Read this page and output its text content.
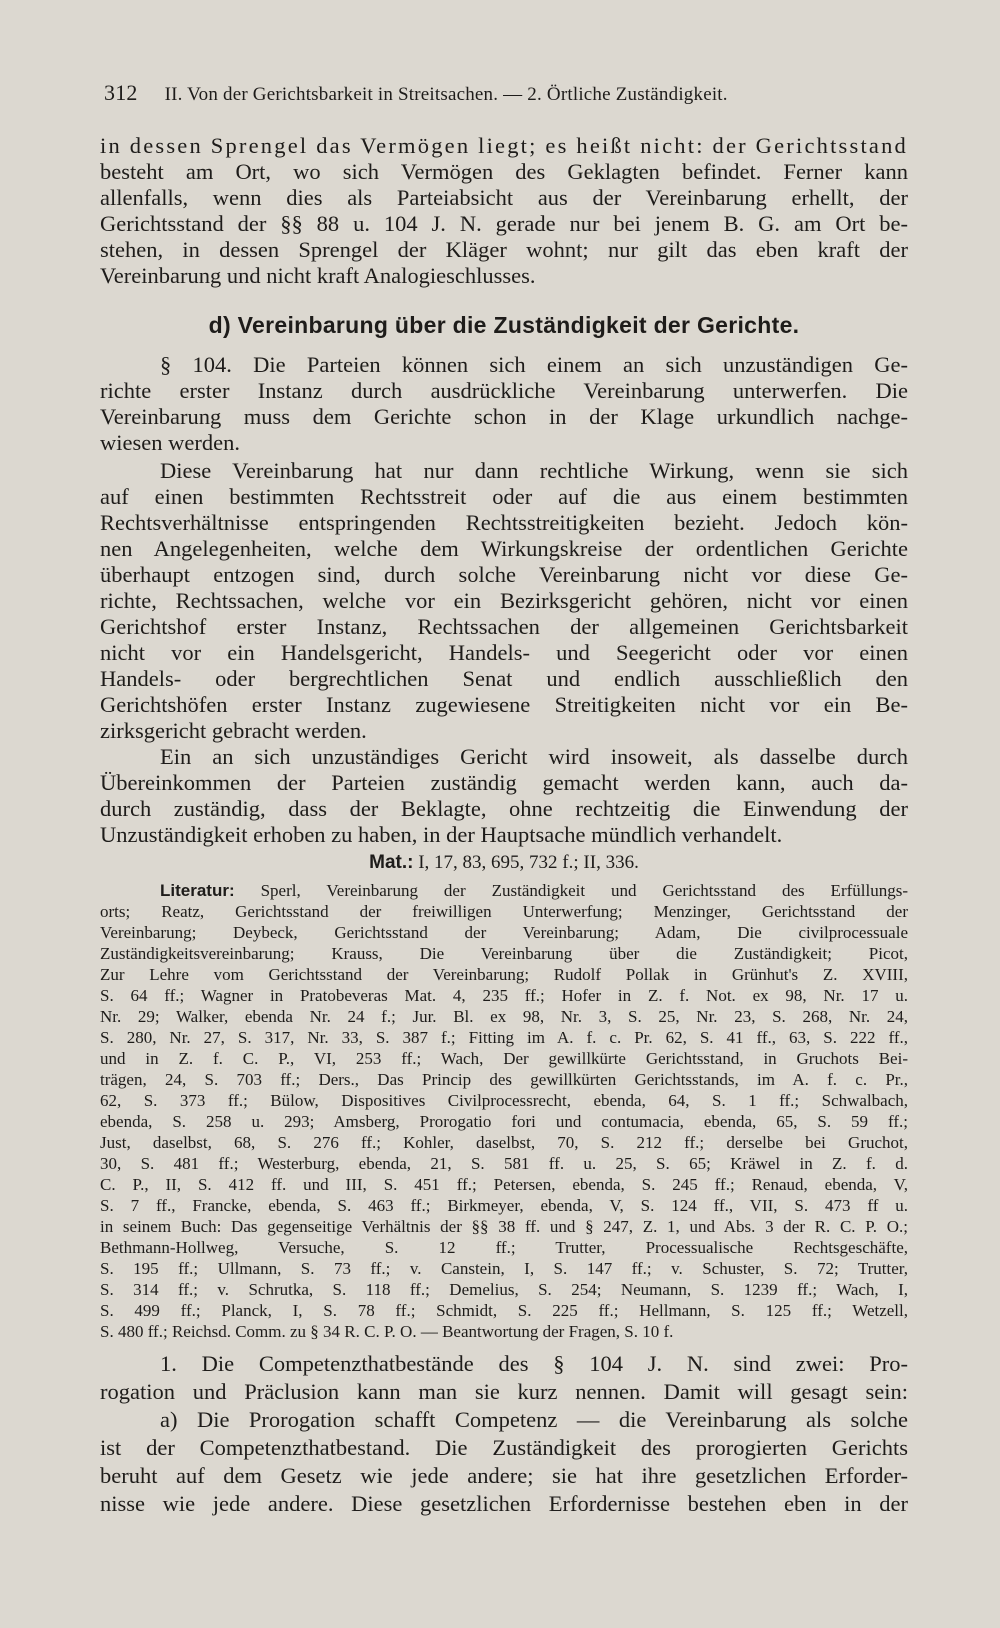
312 II. Von der Gerichtsbarkeit in Streitsachen. — 2. Örtliche Zuständigkeit.
in dessen Sprengel das Vermögen liegt; es heißt nicht: der Gerichtsstand
besteht am Ort, wo sich Vermögen des Geklagten befindet. Ferner kann
allenfalls, wenn dies als Parteiabsicht aus der Vereinbarung erhellt, der
Gerichtsstand der §§ 88 u. 104 J. N. gerade nur bei jenem B. G. am Ort be-
stehen, in dessen Sprengel der Kläger wohnt; nur gilt das eben kraft der
Vereinbarung und nicht kraft Analogieschlusses.
d) Vereinbarung über die Zuständigkeit der Gerichte.
§ 104. Die Parteien können sich einem an sich unzuständigen Ge-
richte erster Instanz durch ausdrückliche Vereinbarung unterwerfen. Die
Vereinbarung muss dem Gerichte schon in der Klage urkundlich nachge-
wiesen werden.
Diese Vereinbarung hat nur dann rechtliche Wirkung, wenn sie sich
auf einen bestimmten Rechtsstreit oder auf die aus einem bestimmten
Rechtsverhältnisse entspringenden Rechtsstreitigkeiten bezieht. Jedoch kön-
nen Angelegenheiten, welche dem Wirkungskreise der ordentlichen Gerichte
überhaupt entzogen sind, durch solche Vereinbarung nicht vor diese Ge-
richte, Rechtssachen, welche vor ein Bezirksgericht gehören, nicht vor einen
Gerichtshof erster Instanz, Rechtssachen der allgemeinen Gerichtsbarkeit
nicht vor ein Handelsgericht, Handels- und Seegericht oder vor einen
Handels- oder bergrechtlichen Senat und endlich ausschließlich den
Gerichtshöfen erster Instanz zugewiesene Streitigkeiten nicht vor ein Be-
zirksgericht gebracht werden.
Ein an sich unzuständiges Gericht wird insoweit, als dasselbe durch
Übereinkommen der Parteien zuständig gemacht werden kann, auch da-
durch zuständig, dass der Beklagte, ohne rechtzeitig die Einwendung der
Unzuständigkeit erhoben zu haben, in der Hauptsache mündlich verhandelt.
Mat.: I, 17, 83, 695, 732 f.; II, 336.
Literatur: Sperl, Vereinbarung der Zuständigkeit und Gerichtsstand des Erfüllungs-
orts; Reatz, Gerichtsstand der freiwilligen Unterwerfung; Menzinger, Gerichtsstand der
Vereinbarung; Deybeck, Gerichtsstand der Vereinbarung; Adam, Die civilprocessuale
Zuständigkeitsvereinbarung; Krauss, Die Vereinbarung über die Zuständigkeit; Picot,
Zur Lehre vom Gerichtsstand der Vereinbarung; Rudolf Pollak in Grünhut's Z. XVIII,
S. 64 ff.; Wagner in Pratobeveras Mat. 4, 235 ff.; Hofer in Z. f. Not. ex 98, Nr. 17 u.
Nr. 29; Walker, ebenda Nr. 24 f.; Jur. Bl. ex 98, Nr. 3, S. 25, Nr. 23, S. 268, Nr. 24,
S. 280, Nr. 27, S. 317, Nr. 33, S. 387 f.; Fitting im A. f. c. Pr. 62, S. 41 ff., 63, S. 222 ff.,
und in Z. f. C. P., VI, 253 ff.; Wach, Der gewillkürte Gerichtsstand, in Gruchots Bei-
trägen, 24, S. 703 ff.; Ders., Das Princip des gewillkürten Gerichtsstands, im A. f. c. Pr.,
62, S. 373 ff.; Bülow, Dispositives Civilprocessrecht, ebenda, 64, S. 1 ff.; Schwalbach,
ebenda, S. 258 u. 293; Amsberg, Prorogatio fori und contumacia, ebenda, 65, S. 59 ff.;
Just, daselbst, 68, S. 276 ff.; Kohler, daselbst, 70, S. 212 ff.; derselbe bei Gruchot,
30, S. 481 ff.; Westerburg, ebenda, 21, S. 581 ff. u. 25, S. 65; Kräwel in Z. f. d.
C. P., II, S. 412 ff. und III, S. 451 ff.; Petersen, ebenda, S. 245 ff.; Renaud, ebenda, V,
S. 7 ff., Francke, ebenda, S. 463 ff.; Birkmeyer, ebenda, V, S. 124 ff., VII, S. 473 ff u.
in seinem Buch: Das gegenseitige Verhältnis der §§ 38 ff. und § 247, Z. 1, und Abs. 3 der R. C. P. O.;
Bethmann-Hollweg, Versuche, S. 12 ff.; Trutter, Processualische Rechtsgeschäfte,
S. 195 ff.; Ullmann, S. 73 ff.; v. Canstein, I, S. 147 ff.; v. Schuster, S. 72; Trutter,
S. 314 ff.; v. Schrutka, S. 118 ff.; Demelius, S. 254; Neumann, S. 1239 ff.; Wach, I,
S. 499 ff.; Planck, I, S. 78 ff.; Schmidt, S. 225 ff.; Hellmann, S. 125 ff.; Wetzell,
S. 480 ff.; Reichsd. Comm. zu § 34 R. C. P. O. — Beantwortung der Fragen, S. 10 f.
1. Die Competenzthatbestände des § 104 J. N. sind zwei: Pro-
rogation und Präclusion kann man sie kurz nennen. Damit will gesagt sein:
a) Die Prorogation schafft Competenz — die Vereinbarung als solche
ist der Competenzthatbestand. Die Zuständigkeit des prorogierten Gerichts
beruht auf dem Gesetz wie jede andere; sie hat ihre gesetzlichen Erforder-
nisse wie jede andere. Diese gesetzlichen Erfordernisse bestehen eben in der
